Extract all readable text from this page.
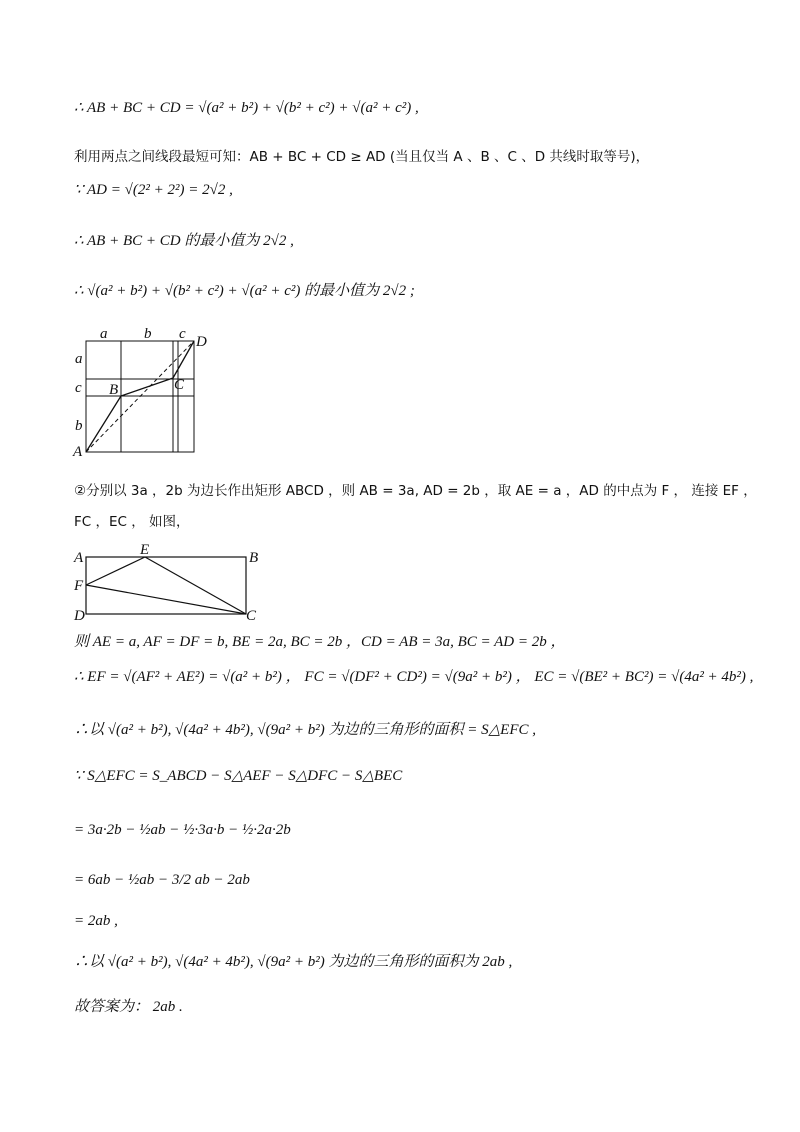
∴ AB + BC + CD = √(a² + b²) + √(b² + c²) + √(a² + c²) ,
利用两点之间线段最短可知：AB + BC + CD ≥ AD (当且仅当 A 、B 、C 、D 共线时取等号)，
∵ AD = √(2² + 2²) = 2√2 ,
∴ AB + BC + CD 的最小值为 2√2 ,
∴ √(a² + b²) + √(b² + c²) + √(a² + c²) 的最小值为 2√2 ;
a b c
a
c
b
A
B	C
D
②分别以 3a ，2b 为边长作出矩形 ABCD ，则 AB = 3a, AD = 2b ，取 AE = a ，AD 的中点为 F ， 连接 EF ，
FC ，EC ， 如图，
A	E	B
F
D	C
则 AE = a, AF = DF = b, BE = 2a, BC = 2b ，CD = AB = 3a, BC = AD = 2b ，
∴ EF = √(AF² + AE²) = √(a² + b²) ， FC = √(DF² + CD²) = √(9a² + b²) ， EC = √(BE² + BC²) = √(4a² + 4b²) ,
∴以 √(a² + b²), √(4a² + 4b²), √(9a² + b²) 为边的三角形的面积 = S△EFC ,
∵ S△EFC = S_ABCD − S△AEF − S△DFC − S△BEC
= 3a·2b − ½ab − ½·3a·b − ½·2a·2b
= 6ab − ½ab − 3/2 ab − 2ab
= 2ab ,
∴以 √(a² + b²), √(4a² + 4b²), √(9a² + b²) 为边的三角形的面积为 2ab ,
故答案为： 2ab .
